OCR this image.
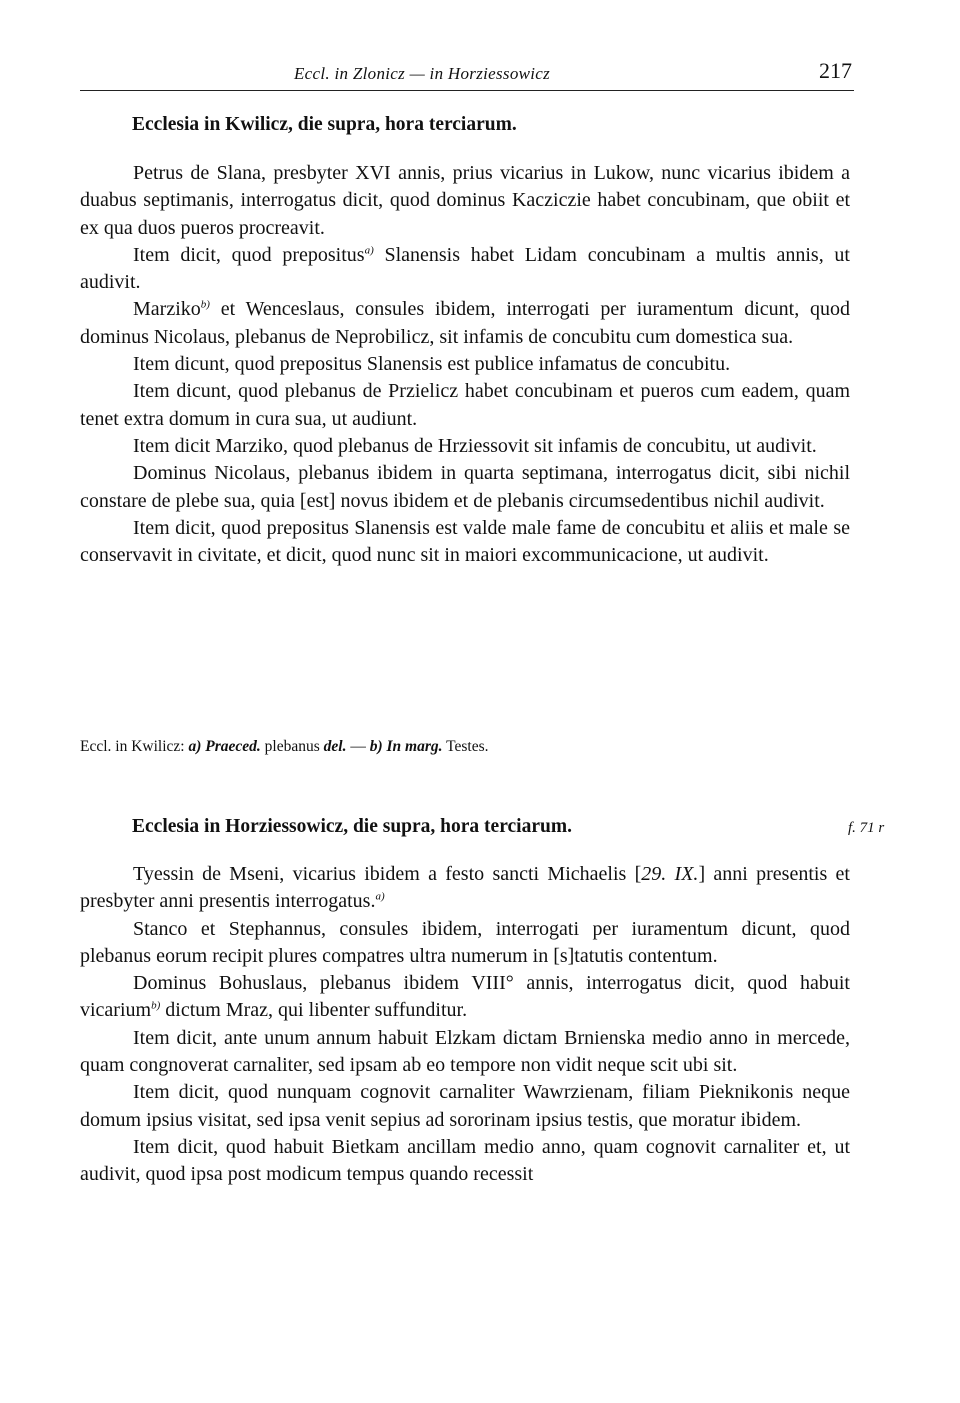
Eccl. in Zlonicz — in Horziessowicz	217
Ecclesia in Kwilicz, die supra, hora terciarum.

Petrus de Slana, presbyter XVI annis, prius vicarius in Lukow, nunc vicarius ibidem a duabus septimanis, interrogatus dicit, quod dominus Kacziczie habet concubinam, que obiit et ex qua duos pueros procreavit.

Item dicit, quod prepositus$^{a)}$ Slanensis habet Lidam concubinam a multis annis, ut audivit.

Marziko$^{b)}$ et Wenceslaus, consules ibidem, interrogati per iuramentum dicunt, quod dominus Nicolaus, plebanus de Neprobilicz, sit infamis de concubitu cum domestica sua.

Item dicunt, quod prepositus Slanensis est publice infamatus de concubitu.

Item dicunt, quod plebanus de Przielicz habet concubinam et pueros cum eadem, quam tenet extra domum in cura sua, ut audiunt.

Item dicit Marziko, quod plebanus de Hrziessovit sit infamis de concubitu, ut audivit.

Dominus Nicolaus, plebanus ibidem in quarta septimana, interrogatus dicit, sibi nichil constare de plebe sua, quia [est] novus ibidem et de plebanis circumsedentibus nichil audivit.

Item dicit, quod prepositus Slanensis est valde male fame de concubitu et aliis et male se conservavit in civitate, et dicit, quod nunc sit in maiori excommunicacione, ut audivit.

Eccl. in Kwilicz: a) Praeced. plebanus del. — b) In marg. Testes.
Ecclesia in Horziessowicz, die supra, hora terciarum.	f. 71 r

Tyessin de Mseni, vicarius ibidem a festo sancti Michaelis [29. IX.] anni presentis et presbyter anni presentis interrogatus.$^{a)}$

Stanco et Stephannus, consules ibidem, interrogati per iuramentum dicunt, quod plebanus eorum recipit plures compatres ultra numerum in [s]tatutis contentum.

Dominus Bohuslaus, plebanus ibidem VIII° annis, interrogatus dicit, quod habuit vicarium$^{b)}$ dictum Mraz, qui libenter suffunditur.

Item dicit, ante unum annum habuit Elzkam dictam Brnienska medio anno in mercede, quam congnoverat carnaliter, sed ipsam ab eo tempore non vidit neque scit ubi sit.

Item dicit, quod nunquam cognovit carnaliter Wawrzienam, filiam Pieknikonis neque domum ipsius visitat, sed ipsa venit sepius ad sororinam ipsius testis, que moratur ibidem.

Item dicit, quod habuit Bietkam ancillam medio anno, quam cognovit carnaliter et, ut audivit, quod ipsa post modicum tempus quando recessit
